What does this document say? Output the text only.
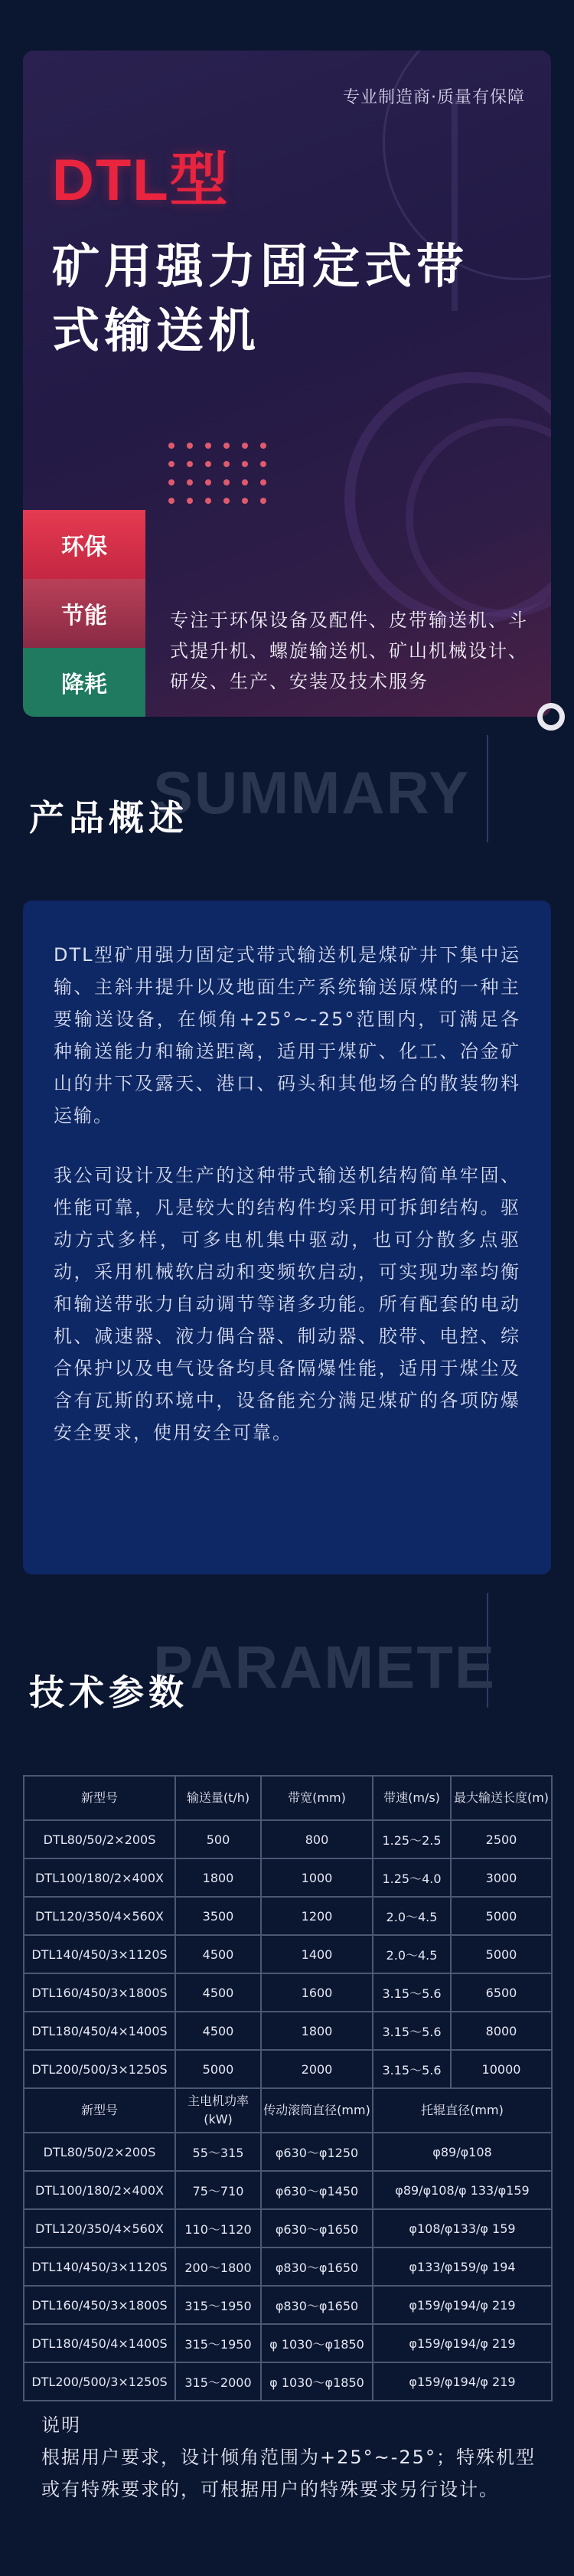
专业制造商·质量有保障
DTL型
矿用强力固定式带式输送机
环保
节能
降耗
专注于环保设备及配件、皮带输送机、斗式提升机、螺旋输送机、矿山机械设计、研发、生产、安装及技术服务
SUMMARY
产品概述

DTL型矿用强力固定式带式输送机是煤矿井下集中运输、主斜井提升以及地面生产系统输送原煤的一种主要输送设备，在倾角+25°~-25°范围内，可满足各种输送能力和输送距离，适用于煤矿、化工、冶金矿山的井下及露天、港口、码头和其他场合的散装物料运输。

我公司设计及生产的这种带式输送机结构简单牢固、性能可靠，凡是较大的结构件均采用可拆卸结构。驱动方式多样，可多电机集中驱动，也可分散多点驱动，采用机械软启动和变频软启动，可实现功率均衡和输送带张力自动调节等诸多功能。所有配套的电动机、减速器、液力偶合器、制动器、胶带、电控、综合保护以及电气设备均具备隔爆性能，适用于煤尘及含有瓦斯的环境中，设备能充分满足煤矿的各项防爆安全要求，使用安全可靠。

PARAMETE
技术参数
新型号	输送量(t/h)	带宽(mm)	带速(m/s)	最大输送长度(m)
DTL80/50/2×200S	500	800	1.25～2.5	2500
DTL100/180/2×400X	1800	1000	1.25～4.0	3000
DTL120/350/4×560X	3500	1200	2.0～4.5	5000
DTL140/450/3×1120S	4500	1400	2.0～4.5	5000
DTL160/450/3×1800S	4500	1600	3.15～5.6	6500
DTL180/450/4×1400S	4500	1800	3.15～5.6	8000
DTL200/500/3×1250S	5000	2000	3.15～5.6	10000
新型号	主电机功率(kW)	传动滚筒直径(mm)	托辊直径(mm)	
DTL80/50/2×200S	55～315	φ630～φ1250	φ89/φ108	
DTL100/180/2×400X	75～710	φ630～φ1450	φ89/φ108/φ 133/φ159	
DTL120/350/4×560X	110～1120	φ630～φ1650	φ108/φ133/φ 159	
DTL140/450/3×1120S	200～1800	φ830～φ1650	φ133/φ159/φ 194	
DTL160/450/3×1800S	315～1950	φ830～φ1650	φ159/φ194/φ 219	
DTL180/450/4×1400S	315～1950	φ 1030～φ1850	φ159/φ194/φ 219	
DTL200/500/3×1250S	315～2000	φ 1030～φ1850	φ159/φ194/φ 219	
说明
根据用户要求，设计倾角范围为+25°~-25°；特殊机型或有特殊要求的，可根据用户的特殊要求另行设计。
